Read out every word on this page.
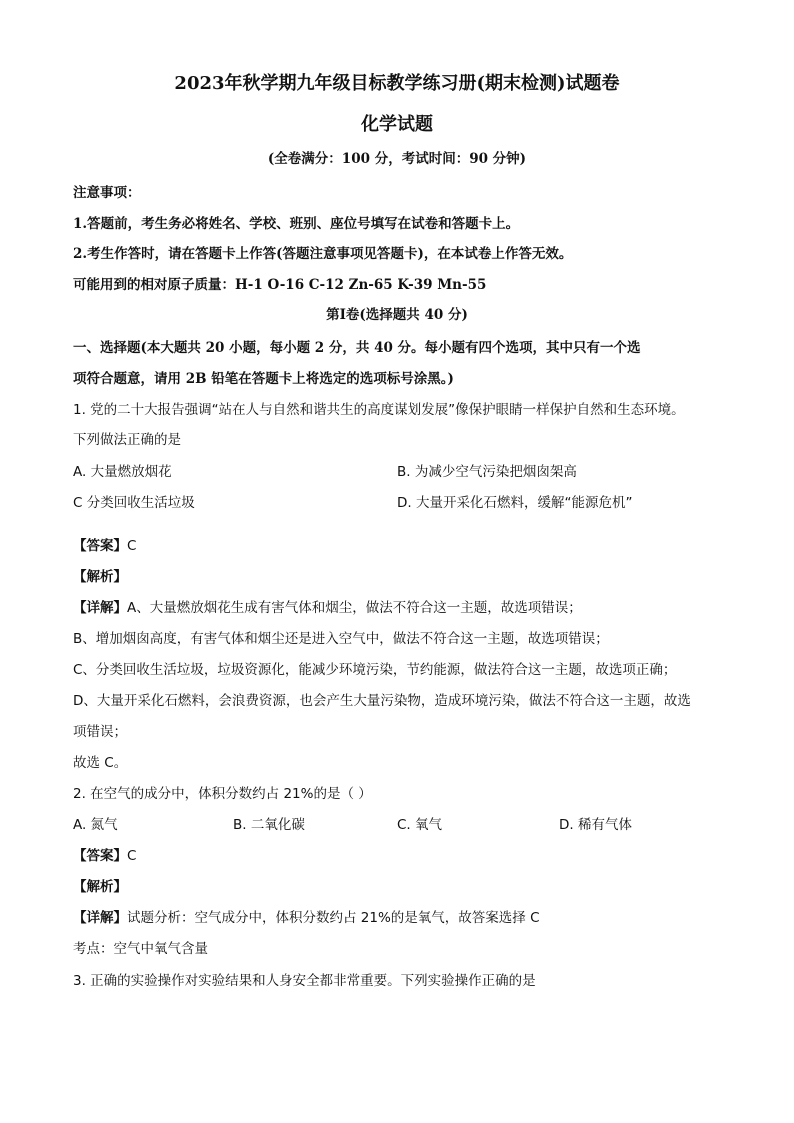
2023年秋学期九年级目标教学练习册(期末检测)试题卷
化学试题
(全卷满分：100 分，考试时间：90 分钟)
注意事项：
1.答题前，考生务必将姓名、学校、班别、座位号填写在试卷和答题卡上。
2.考生作答时，请在答题卡上作答(答题注意事项见答题卡)，在本试卷上作答无效。
可能用到的相对原子质量：H-1 O-16 C-12 Zn-65 K-39 Mn-55
第Ⅰ卷(选择题共 40 分)
一、选择题(本大题共 20 小题，每小题 2 分，共 40 分。每小题有四个选项，其中只有一个选
项符合题意，请用 2B 铅笔在答题卡上将选定的选项标号涂黑。)
1. 党的二十大报告强调“站在人与自然和谐共生的高度谋划发展”像保护眼睛一样保护自然和生态环境。
下列做法正确的是
A. 大量燃放烟花	B. 为减少空气污染把烟囱架高
C 分类回收生活垃圾	D. 大量开采化石燃料，缓解“能源危机”
【答案】C
【解析】
【详解】A、大量燃放烟花生成有害气体和烟尘，做法不符合这一主题，故选项错误；
B、增加烟囱高度，有害气体和烟尘还是进入空气中，做法不符合这一主题，故选项错误；
C、分类回收生活垃圾，垃圾资源化，能减少环境污染，节约能源，做法符合这一主题，故选项正确；
D、大量开采化石燃料，会浪费资源，也会产生大量污染物，造成环境污染，做法不符合这一主题，故选
项错误；
故选 C。
2. 在空气的成分中，体积分数约占 21%的是（ ）
A. 氮气	B. 二氧化碳	C. 氧气	D. 稀有气体
【答案】C
【解析】
【详解】试题分析：空气成分中，体积分数约占 21%的是氧气，故答案选择 C
考点：空气中氧气含量
3. 正确的实验操作对实验结果和人身安全都非常重要。下列实验操作正确的是
